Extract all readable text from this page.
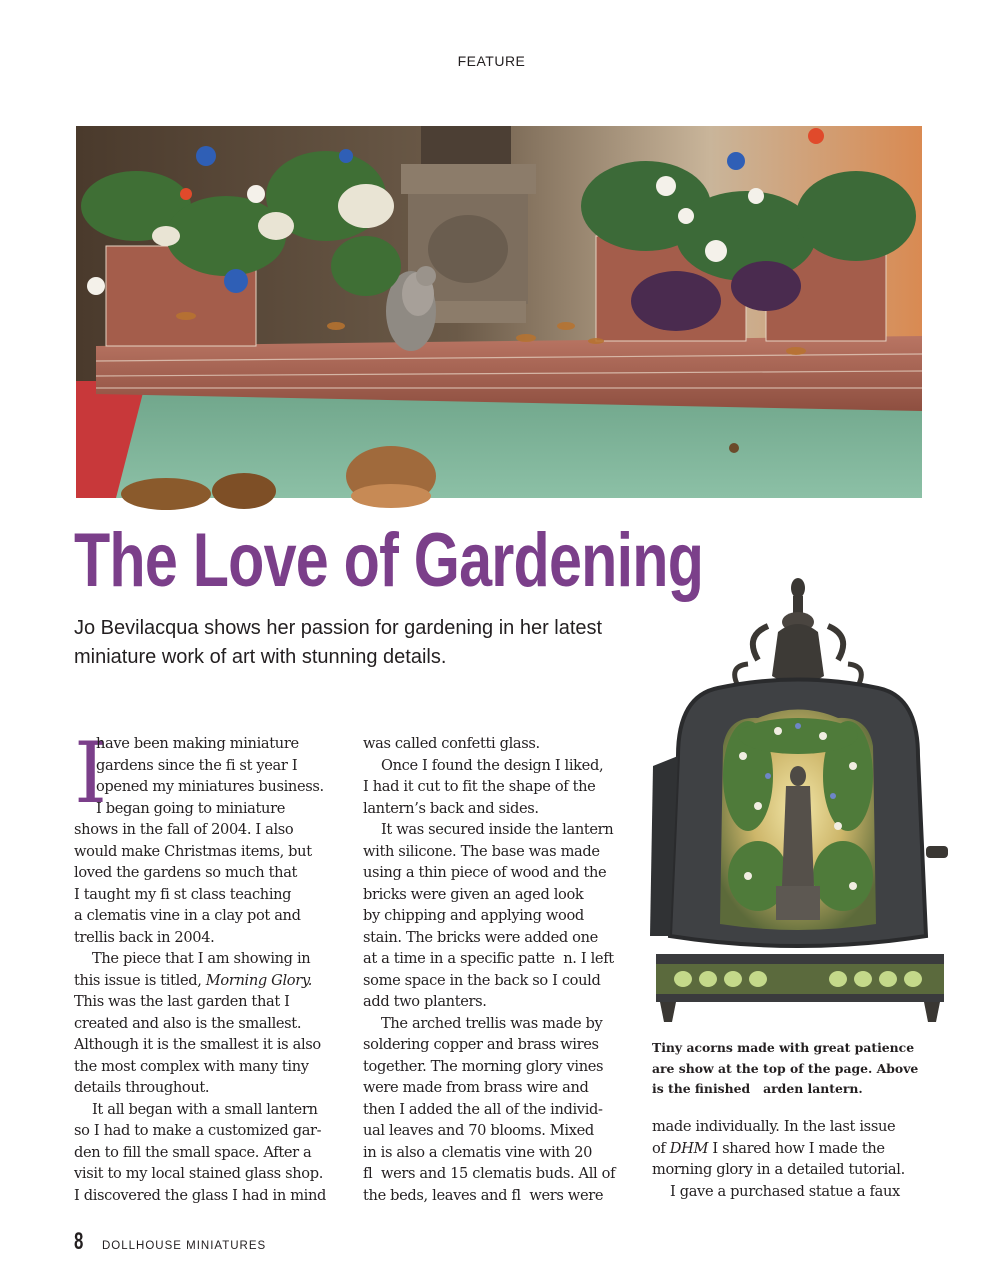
FEATURE
The Love of Gardening
Jo Bevilacqua shows her passion for gardening in her latest
miniature work of art with stunning details.
I
have been making miniature
gardens since the fi st year I
opened my miniatures business.
I began going to miniature
shows in the fall of 2004. I also
would make Christmas items, but
loved the gardens so much that
I taught my fi st class teaching
a clematis vine in a clay pot and
trellis back in 2004.
The piece that I am showing in
this issue is titled, Morning Glory.
This was the last garden that I
created and also is the smallest.
Although it is the smallest it is also
the most complex with many tiny
details throughout.
It all began with a small lantern
so I had to make a customized gar-
den to fill the small space. After a
visit to my local stained glass shop.
I discovered the glass I had in mind
was called confetti glass.
Once I found the design I liked,
I had it cut to fit the shape of the
lantern’s back and sides.
It was secured inside the lantern
with silicone. The base was made
using a thin piece of wood and the
bricks were given an aged look
by chipping and applying wood
stain. The bricks were added one
at a time in a specific patte  n. I left
some space in the back so I could
add two planters.
The arched trellis was made by
soldering copper and brass wires
together. The morning glory vines
were made from brass wire and
then I added the all of the individ-
ual leaves and 70 blooms. Mixed
in is also a clematis vine with 20
fl  wers and 15 clematis buds. All of
the beds, leaves and fl  wers were
Tiny acorns made with great patience
are show at the top of the page. Above
is the finished   arden lantern.
made individually. In the last issue
of DHM I shared how I made the
morning glory in a detailed tutorial.
I gave a purchased statue a faux
8 DOLLHOUSE MINIATURES
